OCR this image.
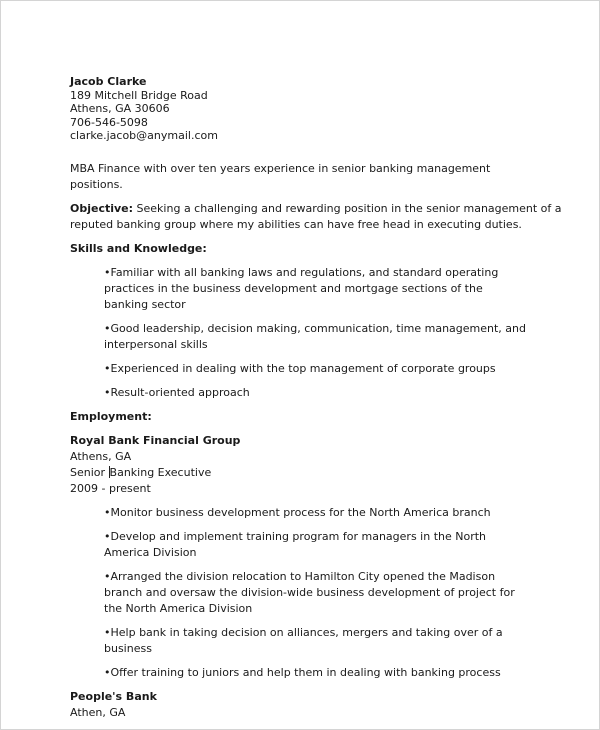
Jacob Clarke

189 Mitchell Bridge Road

Athens, GA 30606

706-546-5098

clarke.jacob@anymail.com

MBA Finance with over ten years experience in senior banking management positions.

Objective: Seeking a challenging and rewarding position in the senior management of a

reputed banking group where my abilities can have free head in executing duties.

Skills and Knowledge:

•Familiar with all banking laws and regulations, and standard operating practices in the business development and mortgage sections of the banking sector

•Good leadership, decision making, communication, time management, and interpersonal skills

•Experienced in dealing with the top management of corporate groups

•Result-oriented approach

Employment:

Royal Bank Financial Group

Athens, GA

Senior Banking Executive

2009 - present

•Monitor business development process for the North America branch

•Develop and implement training program for managers in the North America Division

•Arranged the division relocation to Hamilton City opened the Madison branch and oversaw the division-wide business development of project for the North America Division

•Help bank in taking decision on alliances, mergers and taking over of a business

•Offer training to juniors and help them in dealing with banking process

People's Bank

Athen, GA
